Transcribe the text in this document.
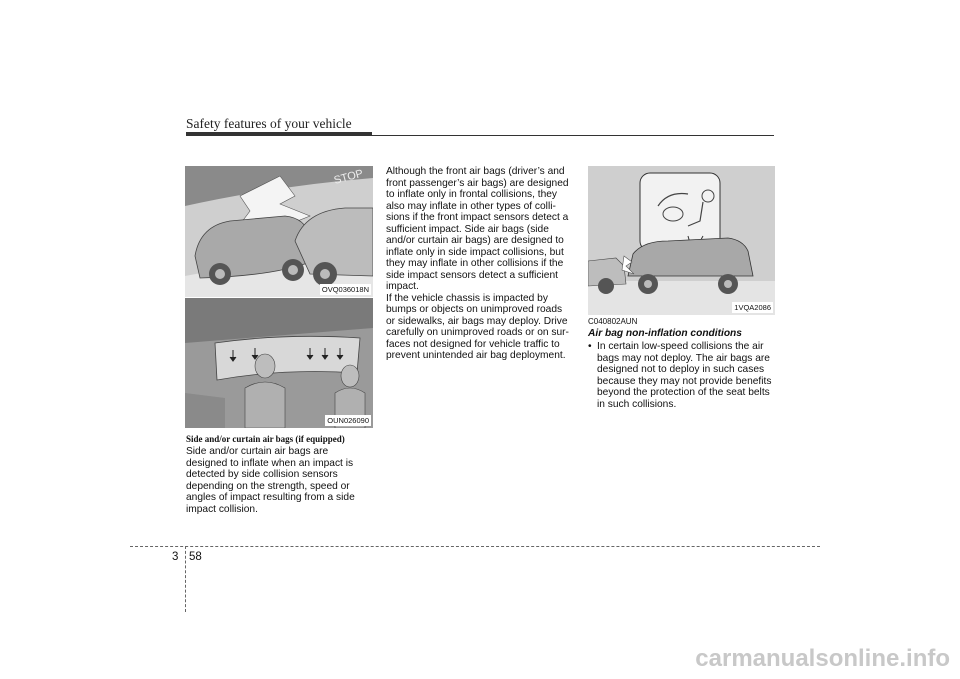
Safety features of your vehicle
STOP
OVQ036018N
OUN026090
Side and/or curtain air bags (if equipped)
Side and/or curtain air bags are
designed to inflate when an impact is
detected by side collision sensors
depending on the strength, speed or
angles of impact resulting from a side
impact collision.
Although the front air bags (driver’s and
front passenger’s air bags) are designed
to inflate only in frontal collisions, they
also may inflate in other types of colli-
sions if the front impact sensors detect a
sufficient impact. Side air bags (side
and/or curtain air bags) are designed to
inflate only in side impact collisions, but
they may inflate in other collisions if the
side impact sensors detect a sufficient
impact.
If the vehicle chassis is impacted by
bumps or objects on unimproved roads
or sidewalks, air bags may deploy. Drive
carefully on unimproved roads or on sur-
faces not designed for vehicle traffic to
prevent unintended air bag deployment.
1VQA2086
C040802AUN
Air bag non-inflation conditions
• In certain low-speed collisions the air
bags may not deploy. The air bags are
designed not to deploy in such cases
because they may not provide benefits
beyond the protection of the seat belts
in such collisions.
3 58
carmanualsonline.info
